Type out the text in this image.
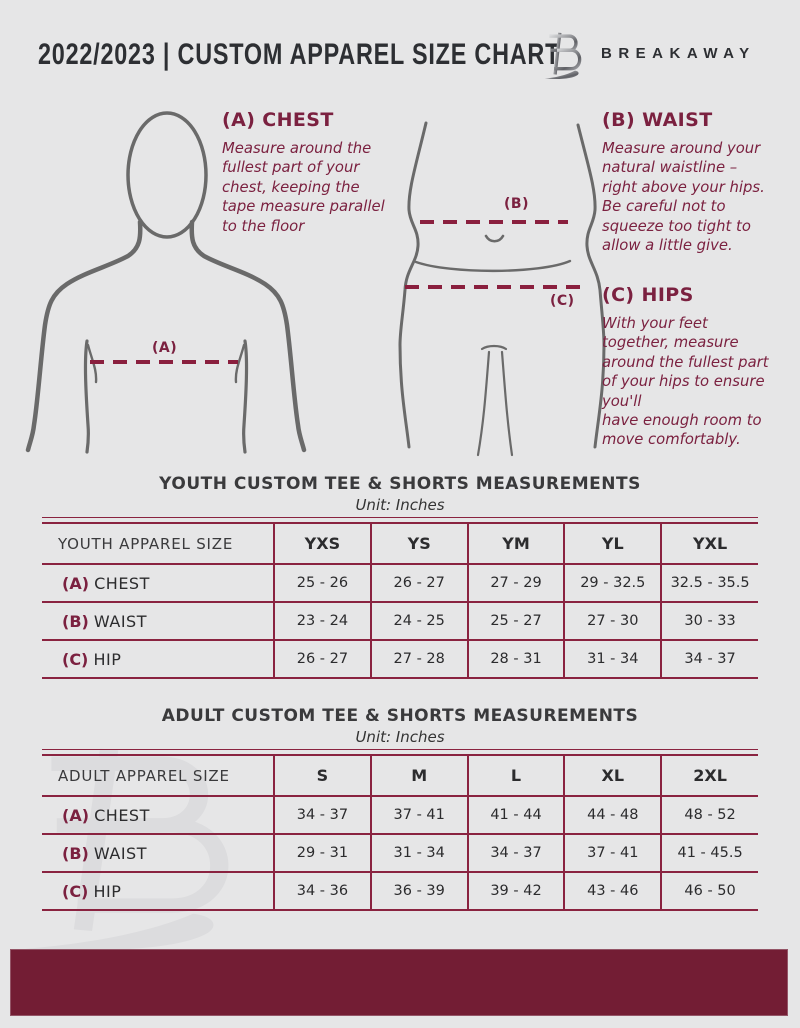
2022/2023 | CUSTOM APPAREL SIZE CHART	BREAKAWAY
(A)
(B)
(C)
(A) CHEST
Measure around the
fullest part of your
chest, keeping the
tape measure parallel
to the floor
(B) WAIST
Measure around your
natural waistline –
right above your hips.
Be careful not to
squeeze too tight to
allow a little give.
(C) HIPS
With your feet
together, measure
around the fullest part
of your hips to ensure
you'll
have enough room to
move comfortably.

YOUTH CUSTOM TEE & SHORTS MEASUREMENTS

Unit: Inches

YOUTH APPAREL SIZE	YXS	YS	YM	YL	YXL
(A) CHEST	25 - 26	26 - 27	27 - 29	29 - 32.5	32.5 - 35.5
(B) WAIST	23 - 24	24 - 25	25 - 27	27 - 30	30 - 33
(C) HIP	26 - 27	27 - 28	28 - 31	31 - 34	34 - 37

ADULT CUSTOM TEE & SHORTS MEASUREMENTS

Unit: Inches

ADULT APPAREL SIZE	S	M	L	XL	2XL
(A) CHEST	34 - 37	37 - 41	41 - 44	44 - 48	48 - 52
(B) WAIST	29 - 31	31 - 34	34 - 37	37 - 41	41 - 45.5
(C) HIP	34 - 36	36 - 39	39 - 42	43 - 46	46 - 50
